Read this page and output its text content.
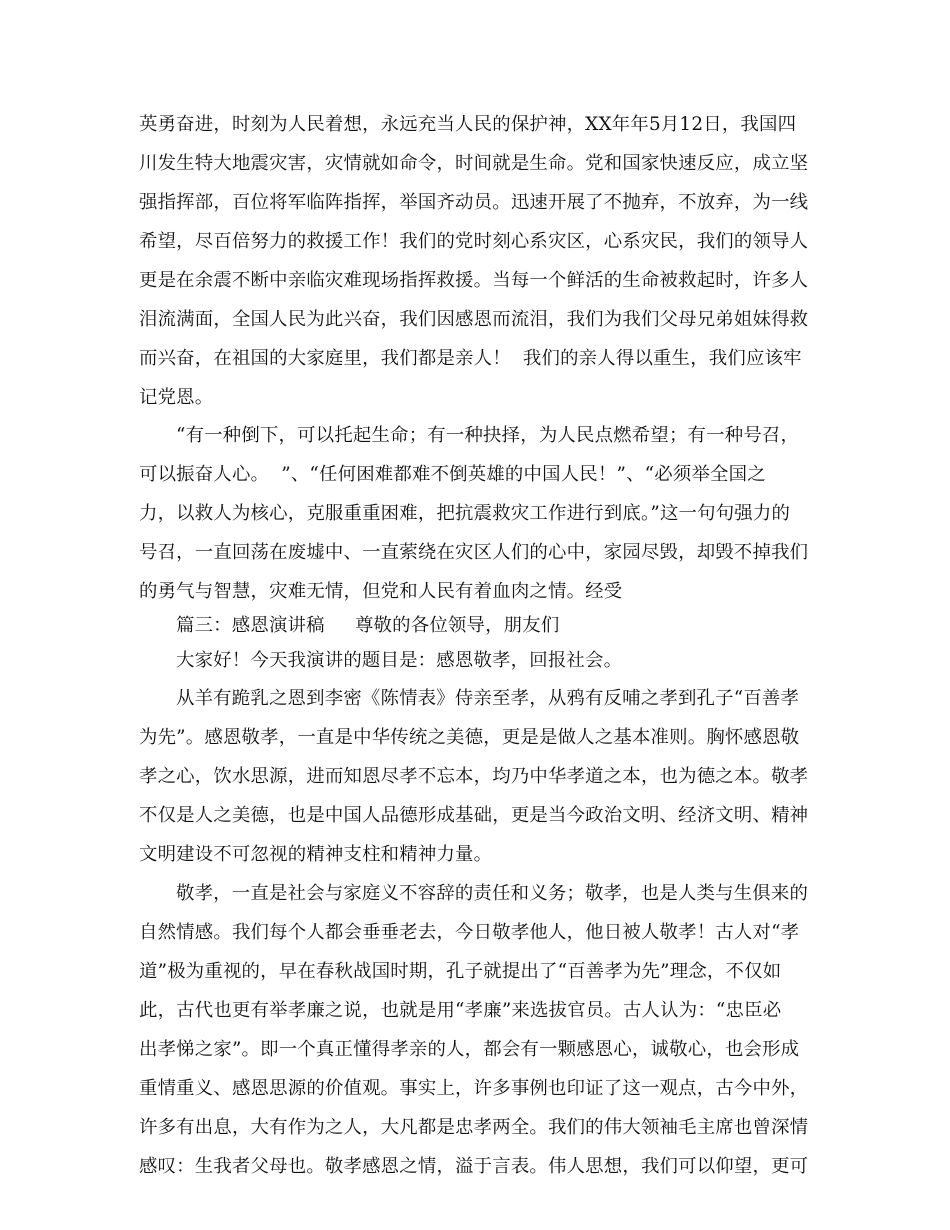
英勇奋进，时刻为人民着想，永远充当人民的保护神，XX年年5月12日，我国四
川发生特大地震灾害，灾情就如命令，时间就是生命。党和国家快速反应，成立坚
强指挥部，百位将军临阵指挥，举国齐动员。迅速开展了不抛弃，不放弃，为一线
希望，尽百倍努力的救援工作！我们的党时刻心系灾区，心系灾民，我们的领导人
更是在余震不断中亲临灾难现场指挥救援。当每一个鲜活的生命被救起时，许多人
泪流满面，全国人民为此兴奋，我们因感恩而流泪，我们为我们父母兄弟姐妹得救
而兴奋，在祖国的大家庭里，我们都是亲人！  我们的亲人得以重生，我们应该牢
记党恩。
“有一种倒下，可以托起生命；有一种抉择，为人民点燃希望；有一种号召，
可以振奋人心。  ”、“任何困难都难不倒英雄的中国人民！”、“必须举全国之
力，以救人为核心，克服重重困难，把抗震救灾工作进行到底。”这一句句强力的
号召，一直回荡在废墟中、一直萦绕在灾区人们的心中，家园尽毁，却毁不掉我们
的勇气与智慧，灾难无情，但党和人民有着血肉之情。经受
篇三：感恩演讲稿     尊敬的各位领导，朋友们
大家好！今天我演讲的题目是：感恩敬孝，回报社会。
从羊有跪乳之恩到李密《陈情表》侍亲至孝，从鸦有反哺之孝到孔子“百善孝
为先”。感恩敬孝，一直是中华传统之美德，更是是做人之基本准则。胸怀感恩敬
孝之心，饮水思源，进而知恩尽孝不忘本，均乃中华孝道之本，也为德之本。敬孝
不仅是人之美德，也是中国人品德形成基础，更是当今政治文明、经济文明、精神
文明建设不可忽视的精神支柱和精神力量。
敬孝，一直是社会与家庭义不容辞的责任和义务；敬孝，也是人类与生俱来的
自然情感。我们每个人都会垂垂老去，今日敬孝他人，他日被人敬孝！古人对“孝
道”极为重视的，早在春秋战国时期，孔子就提出了“百善孝为先”理念，不仅如
此，古代也更有举孝廉之说，也就是用“孝廉”来选拔官员。古人认为：“忠臣必
出孝悌之家”。即一个真正懂得孝亲的人，都会有一颗感恩心，诚敬心，也会形成
重情重义、感恩思源的价值观。事实上，许多事例也印证了这一观点，古今中外，
许多有出息，大有作为之人，大凡都是忠孝两全。我们的伟大领袖毛主席也曾深情
感叹：生我者父母也。敬孝感恩之情，溢于言表。伟人思想，我们可以仰望，更可
